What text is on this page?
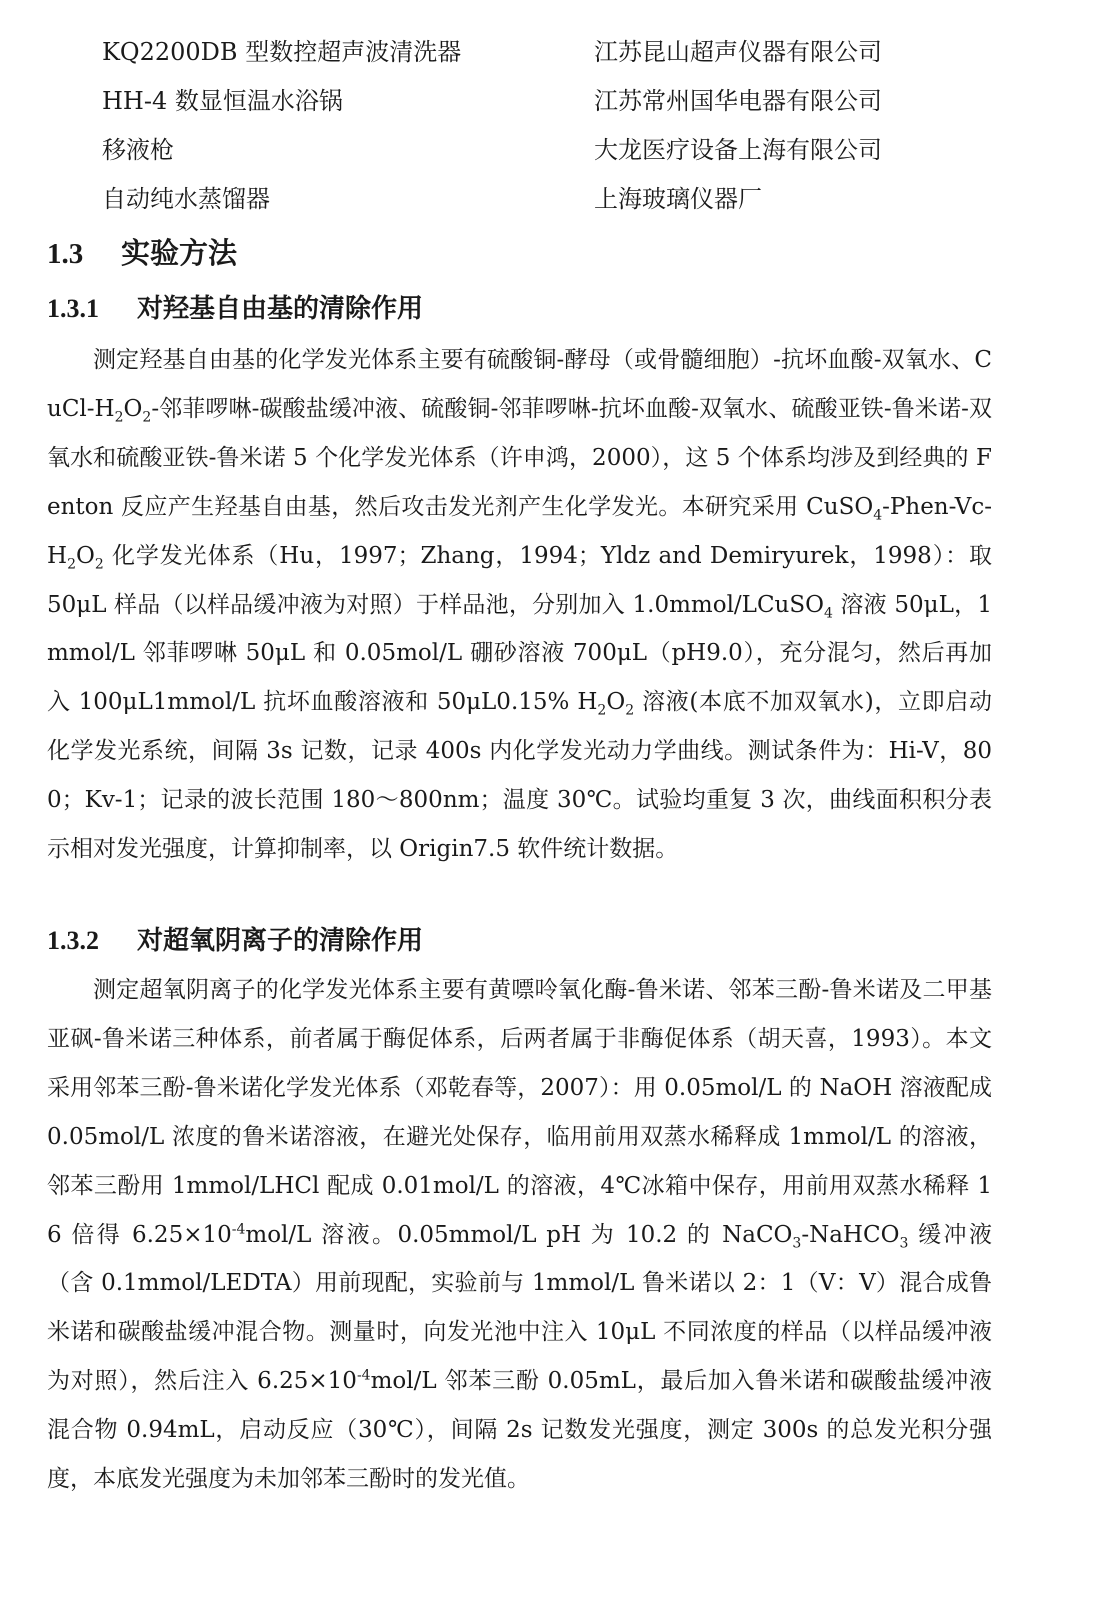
KQ2200DB 型数控超声波清洗器	江苏昆山超声仪器有限公司
HH-4 数显恒温水浴锅	江苏常州国华电器有限公司
移液枪	大龙医疗设备上海有限公司
自动纯水蒸馏器	上海玻璃仪器厂
1.3 实验方法
1.3.1 对羟基自由基的清除作用

测定羟基自由基的化学发光体系主要有硫酸铜-酵母（或骨髓细胞）-抗坏血酸-双氧水、CuCl-$H_2O_2-$邻菲啰啉-碳酸盐缓冲液、硫酸铜-邻菲啰啉-抗坏血酸-双氧水、硫酸亚铁-鲁米诺-双氧水和硫酸亚铁-鲁米诺 5 个化学发光体系（许申鸿，2000），这 5 个体系均涉及到经典的 Fenton 反应产生羟基自由基，然后攻击发光剂产生化学发光。本研究采用 $CuSO_4-Phen-Vc-H_2O_2$ 化学发光体系（Hu，1997；Zhang，1994；Yldz and Demiryurek，1998）：取 50μL 样品（以样品缓冲液为对照）于样品池，分别加入 1.0mmol/LCuSO$_4$ 溶液 50μL，1mmol/L 邻菲啰啉 50μL 和 0.05mol/L 硼砂溶液 700μL（pH9.0），充分混匀，然后再加入 100μL1mmol/L 抗坏血酸溶液和 50μL0.15% $H_2O_2$ 溶液(本底不加双氧水)，立即启动化学发光系统，间隔 3s 记数，记录 400s 内化学发光动力学曲线。测试条件为：Hi-V，800；Kv-1；记录的波长范围 180～800nm；温度 30℃。试验均重复 3 次，曲线面积积分表示相对发光强度，计算抑制率，以 Origin7.5 软件统计数据。

1.3.2 对超氧阴离子的清除作用

测定超氧阴离子的化学发光体系主要有黄嘌呤氧化酶-鲁米诺、邻苯三酚-鲁米诺及二甲基亚砜-鲁米诺三种体系，前者属于酶促体系，后两者属于非酶促体系（胡天喜，1993）。本文采用邻苯三酚-鲁米诺化学发光体系（邓乾春等，2007）：用 0.05mol/L 的 NaOH 溶液配成 0.05mol/L 浓度的鲁米诺溶液，在避光处保存，临用前用双蒸水稀释成 1mmol/L 的溶液，邻苯三酚用 1mmol/LHCl 配成 0.01mol/L 的溶液，4℃冰箱中保存，用前用双蒸水稀释 16 倍得 $6.25\times 10^{-4}mol/L$ 溶液。0.05mmol/L pH 为 10.2 的 NaCO$_3$-NaHCO$_3$ 缓冲液（含 0.1mmol/LEDTA）用前现配，实验前与 1mmol/L 鲁米诺以 2：1（V：V）混合成鲁米诺和碳酸盐缓冲混合物。测量时，向发光池中注入 10μL 不同浓度的样品（以样品缓冲液为对照），然后注入 $6.25\times 10^{-4}mol/L$ 邻苯三酚 0.05mL，最后加入鲁米诺和碳酸盐缓冲液混合物 0.94mL，启动反应（30℃），间隔 2s 记数发光强度，测定 300s 的总发光积分强度，本底发光强度为未加邻苯三酚时的发光值。
